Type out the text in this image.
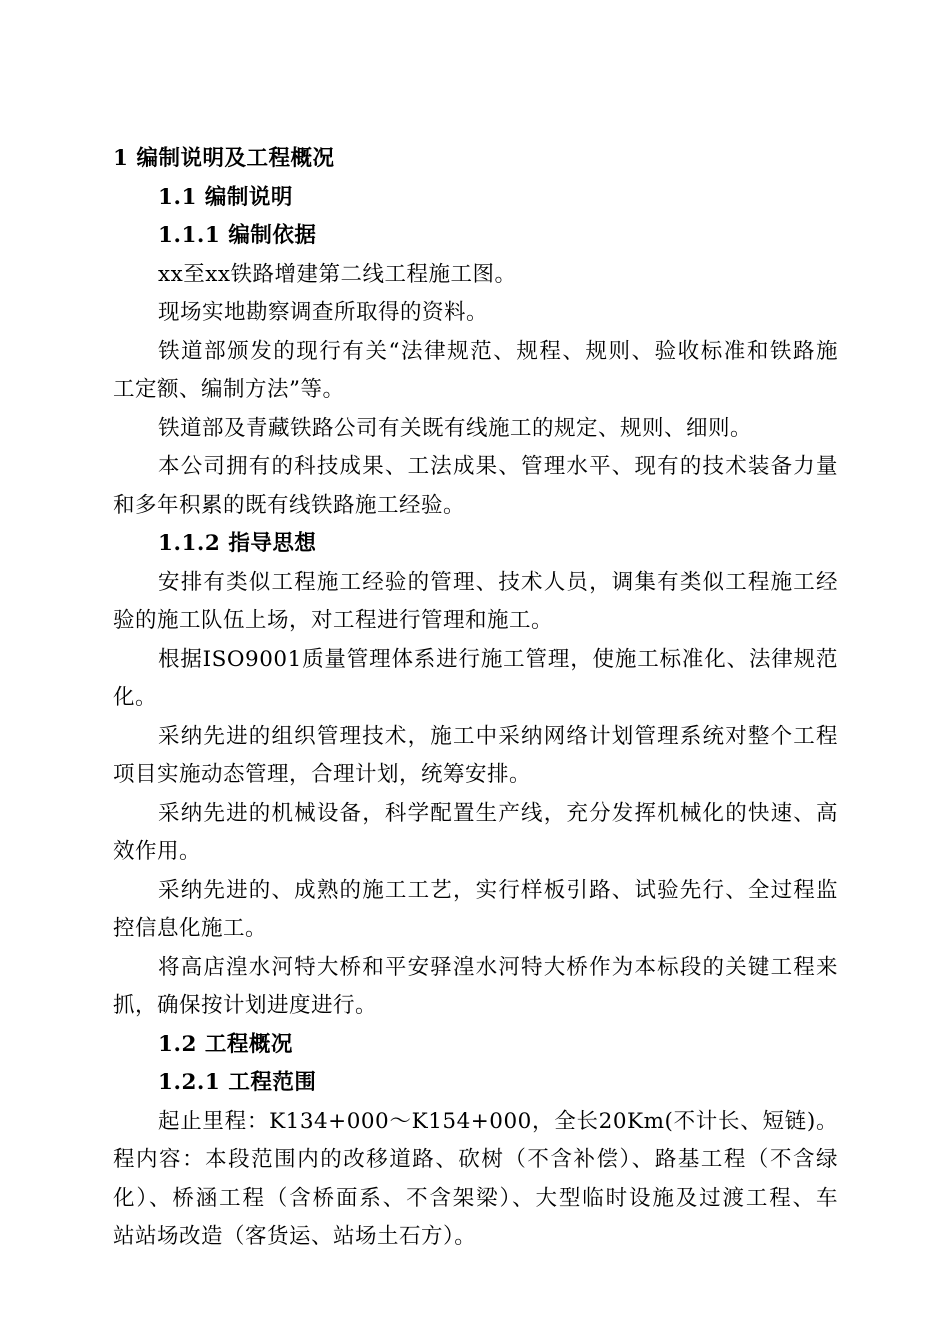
1 编制说明及工程概况
1.1 编制说明
1.1.1 编制依据
xx至xx铁路增建第二线工程施工图。
现场实地勘察调查所取得的资料。
铁道部颁发的现行有关“法律规范、规程、规则、验收标准和铁路施
工定额、编制方法”等。
铁道部及青藏铁路公司有关既有线施工的规定、规则、细则。
本公司拥有的科技成果、工法成果、管理水平、现有的技术装备力量
和多年积累的既有线铁路施工经验。
1.1.2 指导思想
安排有类似工程施工经验的管理、技术人员，调集有类似工程施工经
验的施工队伍上场，对工程进行管理和施工。
根据ISO9001质量管理体系进行施工管理，使施工标准化、法律规范
化。
采纳先进的组织管理技术，施工中采纳网络计划管理系统对整个工程
项目实施动态管理，合理计划，统筹安排。
采纳先进的机械设备，科学配置生产线，充分发挥机械化的快速、高
效作用。
采纳先进的、成熟的施工工艺，实行样板引路、试验先行、全过程监
控信息化施工。
将高店湟水河特大桥和平安驿湟水河特大桥作为本标段的关键工程来
抓，确保按计划进度进行。
1.2 工程概况
1.2.1 工程范围
起止里程：K134+000～K154+000，全长20Km(不计长、短链)。
程内容：本段范围内的改移道路、砍树（不含补偿）、路基工程（不含绿
化）、桥涵工程（含桥面系、不含架梁）、大型临时设施及过渡工程、车
站站场改造（客货运、站场土石方）。
